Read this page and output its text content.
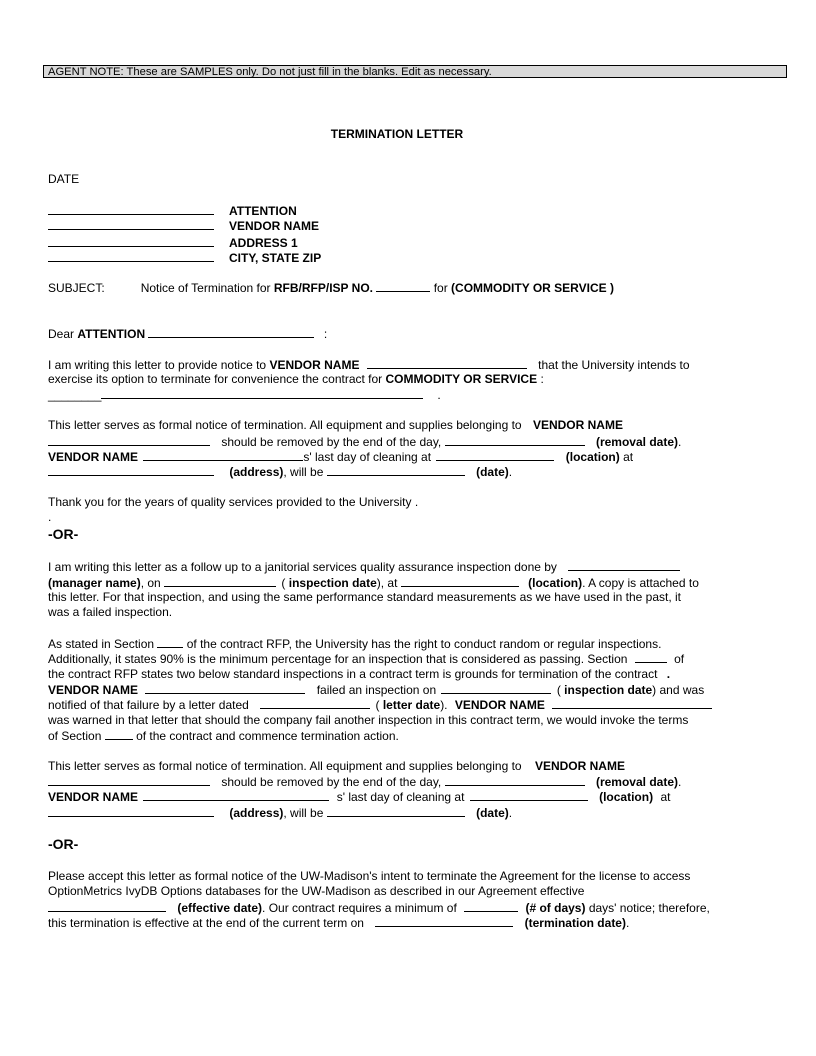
AGENT NOTE: These are SAMPLES only. Do not just fill in the blanks. Edit as necessary.
TERMINATION LETTER
DATE
ATTENTION
VENDOR NAME
ADDRESS 1
CITY, STATE ZIP
SUBJECT:	Notice of Termination for RFB/RFP/ISP NO.	for (COMMODITY OR SERVICE )
Dear ATTENTION	:
I am writing this letter to provide notice to VENDOR NAME	that the University intends to
exercise its option to terminate for convenience the contract for COMMODITY OR SERVICE :
________	.
This letter serves as formal notice of termination. All equipment and supplies belonging to VENDOR NAME
should be removed by the end of the day,	(removal date).
VENDOR NAME	s' last day of cleaning at	(location) at
(address), will be	(date).
Thank you for the years of quality services provided to the University .
.
-OR-
I am writing this letter as a follow up to a janitorial services quality assurance inspection done by
(manager name), on	( inspection date), at	(location). A copy is attached to
this letter. For that inspection, and using the same performance standard measurements as we have used in the past, it
was a failed inspection.
As stated in Section	of the contract RFP, the University has the right to conduct random or regular inspections.
Additionally, it states 90% is the minimum percentage for an inspection that is considered as passing. Section	of
the contract RFP states two below standard inspections in a contract term is grounds for termination of the contract .
VENDOR NAME	failed an inspection on	( inspection date) and was
notified of that failure by a letter dated	( letter date). VENDOR NAME
was warned in that letter that should the company fail another inspection in this contract term, we would invoke the terms
of Section	of the contract and commence termination action.
This letter serves as formal notice of termination. All equipment and supplies belonging to VENDOR NAME
should be removed by the end of the day,	(removal date).
VENDOR NAME	s' last day of cleaning at	(location) at
(address), will be	(date).
-OR-
Please accept this letter as formal notice of the UW-Madison's intent to terminate the Agreement for the license to access
OptionMetrics IvyDB Options databases for the UW-Madison as described in our Agreement effective
(effective date). Our contract requires a minimum of	(# of days) days' notice; therefore,
this termination is effective at the end of the current term on	(termination date).
